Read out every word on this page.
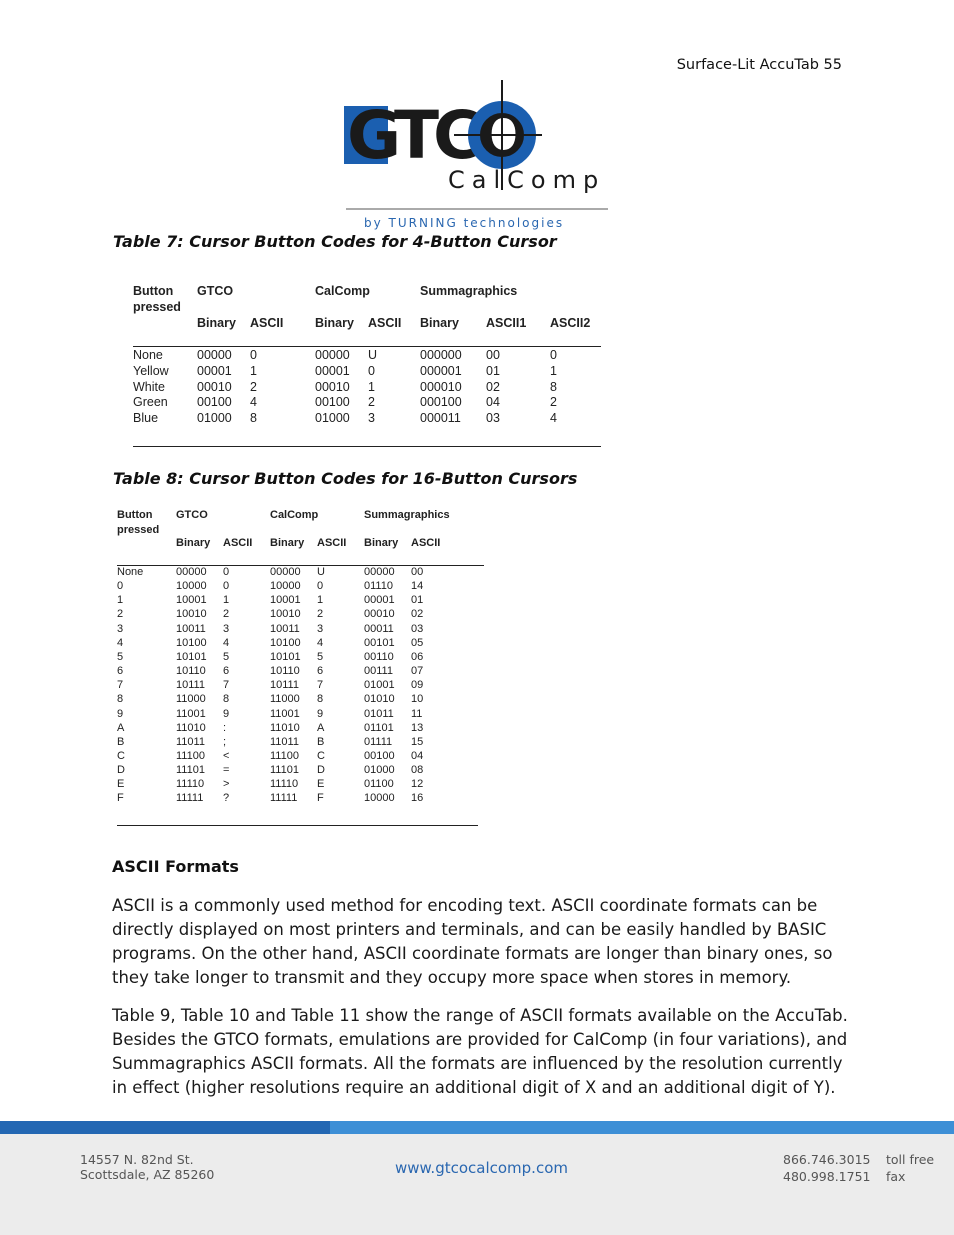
Surface-Lit AccuTab 55
GTCO
CalComp
by TURNING technologies
Table 7: Cursor Button Codes for 4-Button Cursor
Button
pressed
GTCO	CalComp	Summagraphics
Binary ASCII	Binary ASCII Binary ASCII1 ASCII2
None	00000 0	00000 U	000000 00	0
Yellow 00001 1	00001 0	000001 01	1
White	00010 2	00010 1	000010 02	8
Green 00100 4	00100 2	000100 04	2
Blue	01000 8	01000 3	000011 03	4
Table 8: Cursor Button Codes for 16-Button Cursors
Button
pressed
GTCO	CalComp	Summagraphics
Binary ASCII Binary ASCII Binary ASCII
None	00000 0	00000 U	00000 00
0	10000 0	10000 0	01110 14
1	10001 1	10001 1	00001 01
2	10010 2	10010 2	00010 02
3	10011 3	10011 3	00011 03
4	10100 4	10100 4	00101 05
5	10101 5	10101 5	00110 06
6	10110 6	10110 6	00111 07
7	10111 7	10111 7	01001 09
8	11000 8	11000 8	01010 10
9	11001 9	11001 9	01011 11
A	11010 :	11010 A	01101 13
B	11011 ;	11011 B	01111 15
C	11100 <	11100 C	00100 04
D	11101 =	11101 D	01000 08
E	11110 >	11110 E	01100 12
F	11111 ?	11111 F	10000 16
ASCII Formats
ASCII is a commonly used method for encoding text. ASCII coordinate formats can be directly displayed on most printers and terminals, and can be easily handled by BASIC programs. On the other hand, ASCII coordinate formats are longer than binary ones, so they take longer to transmit and they occupy more space when stores in memory.
Table 9, Table 10 and Table 11 show the range of ASCII formats available on the AccuTab. Besides the GTCO formats, emulations are provided for CalComp (in four variations), and Summagraphics ASCII formats. All the formats are influenced by the resolution currently in effect (higher resolutions require an additional digit of X and an additional digit of Y).
14557 N. 82nd St.
Scottsdale, AZ 85260	www.gtcocalcomp.com	866.746.3015 toll free
480.998.1751 fax
